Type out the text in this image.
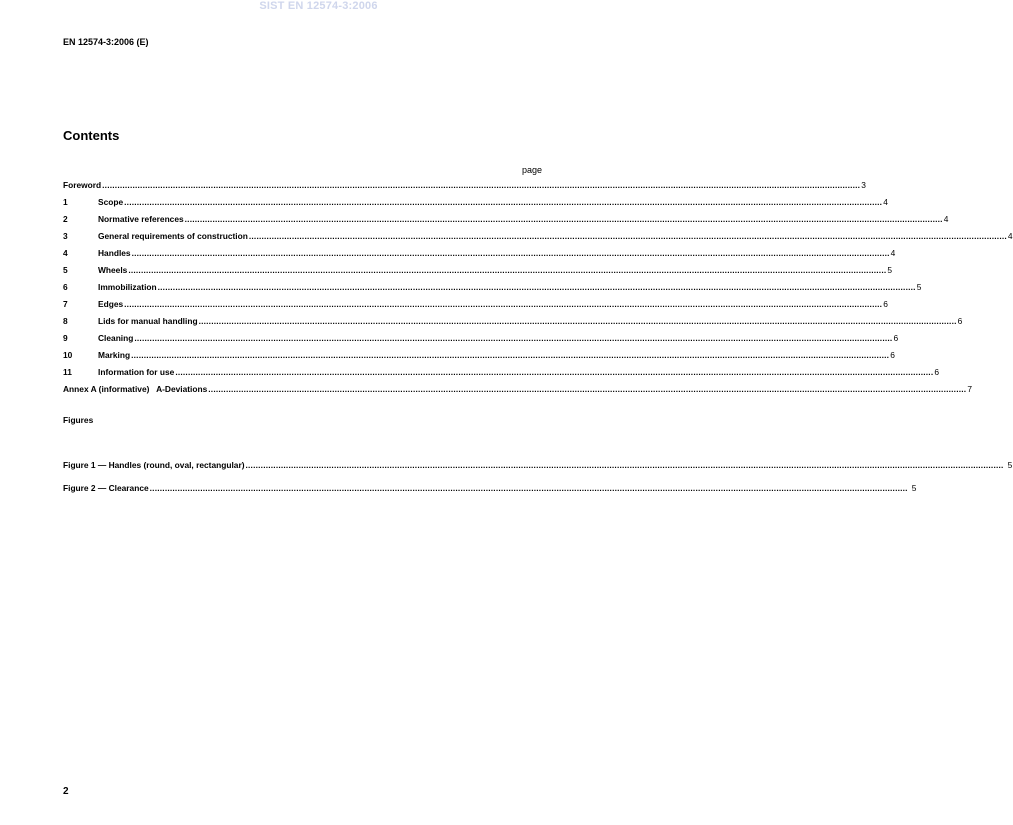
SIST EN 12574-3:2006
EN 12574-3:2006 (E)
Contents
page
Foreword ............................................................................................................................................................................................................................................................................................................ 3
1	Scope ............................................................................................................................................................................................................................................................................................................ 4
2	Normative references ............................................................................................................................................................................................................................................................................................................ 4
3	General requirements of construction ............................................................................................................................................................................................................................................................................................................ 4
4	Handles ............................................................................................................................................................................................................................................................................................................ 4
5	Wheels ............................................................................................................................................................................................................................................................................................................ 5
6	Immobilization ............................................................................................................................................................................................................................................................................................................ 5
7	Edges ............................................................................................................................................................................................................................................................................................................ 6
8	Lids for manual handling ............................................................................................................................................................................................................................................................................................................ 6
9	Cleaning ............................................................................................................................................................................................................................................................................................................ 6
10	Marking ............................................................................................................................................................................................................................................................................................................ 6
11	Information for use ............................................................................................................................................................................................................................................................................................................ 6
Annex A (informative)   A-Deviations ............................................................................................................................................................................................................................................................................................................ 7
Figures
Figure 1 — Handles (round, oval, rectangular) ............................................................................................................................................................................................................................................................................................................ 5
Figure 2 — Clearance ............................................................................................................................................................................................................................................................................................................ 5
2
